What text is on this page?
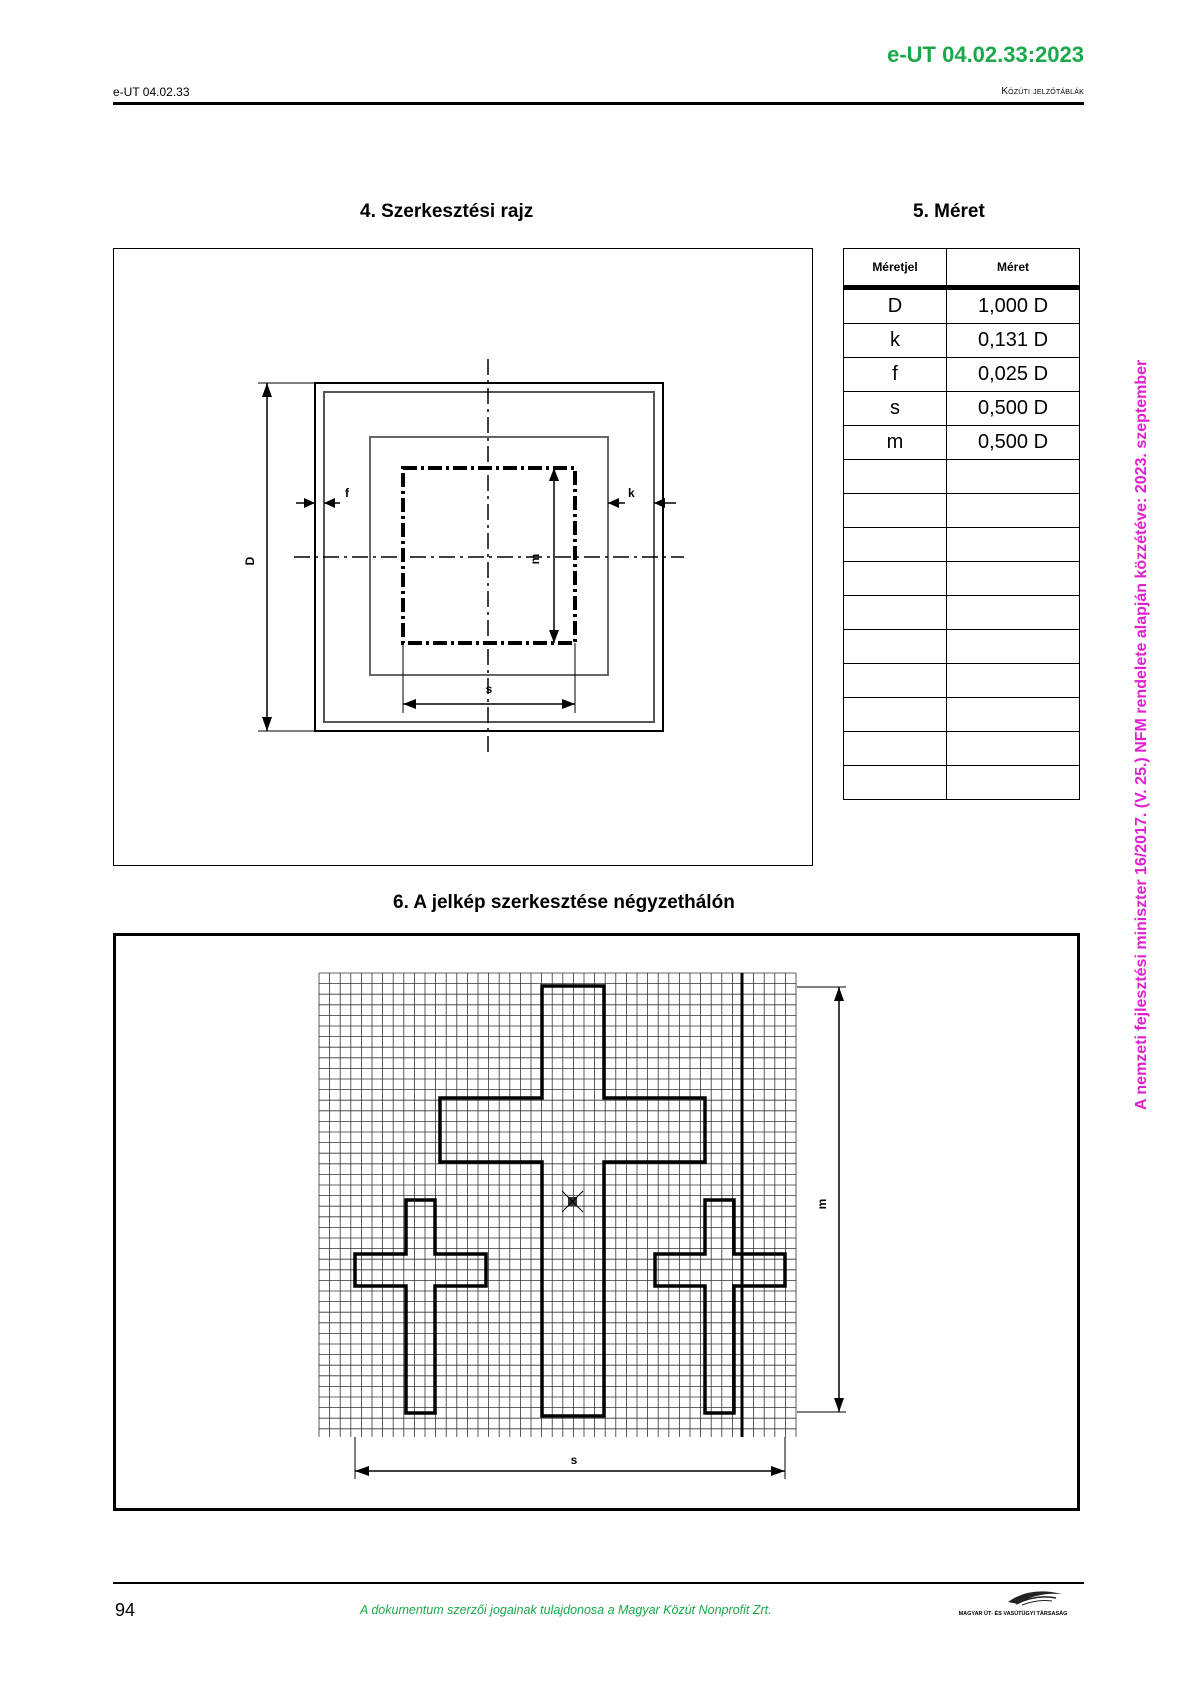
e-UT 04.02.33:2023
e-UT 04.02.33	Közúti jelzőtáblák
A nemzeti fejlesztési miniszter 16/2017. (V. 25.) NFM rendelete alapján közzétéve: 2023. szeptember
4. Szerkesztési rajz
D
f	k
m
s
5. Méret
Méretjel	Méret
D	1,000 D
k	0,131 D
f	0,025 D
s	0,500 D
m	0,500 D

6. A jelkép szerkesztése négyzethálón
m
s
94	A dokumentum szerzői jogainak tulajdonosa a Magyar Közút Nonprofit Zrt.	MAGYAR ÚT- ÉS VASÚTÜGYI TÁRSASÁG
